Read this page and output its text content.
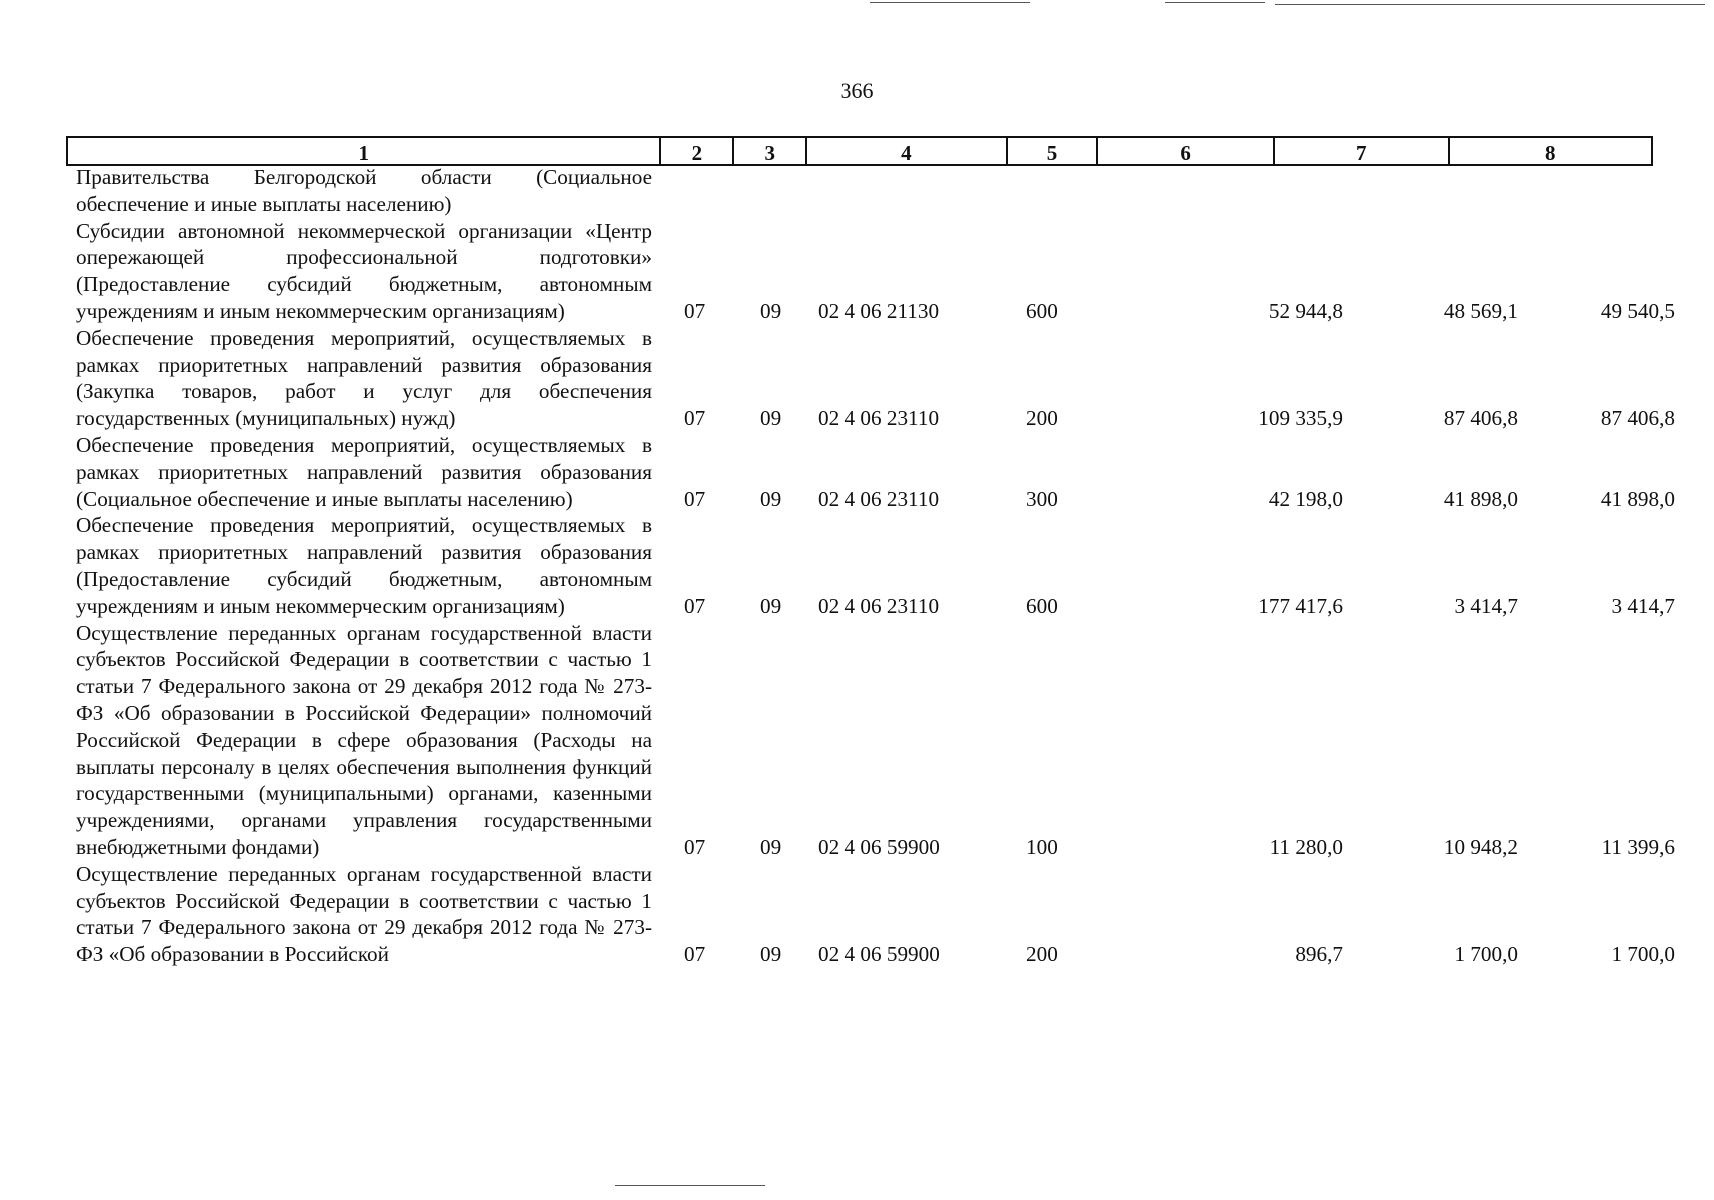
366
1	2	3	4	5	6	7	8
Правительства Белгородской области (Социальное обеспечение и иные выплаты населению)
Субсидии автономной некоммерческой организации «Центр опережающей профессиональной подготовки» (Предоставление субсидий бюджетным, автономным учреждениям и иным некоммерческим организациям)	07	09 02 4 06 21130	600	52 944,8	48 569,1	49 540,5
Обеспечение проведения мероприятий, осуществляемых в рамках приоритетных направлений развития образования (Закупка товаров, работ и услуг для обеспечения государственных (муниципальных) нужд)	07	09 02 4 06 23110	200	109 335,9	87 406,8	87 406,8
Обеспечение проведения мероприятий, осуществляемых в рамках приоритетных направлений развития образования (Социальное обеспечение и иные выплаты населению)	07	09 02 4 06 23110	300	42 198,0	41 898,0	41 898,0
Обеспечение проведения мероприятий, осуществляемых в рамках приоритетных направлений развития образования (Предоставление субсидий бюджетным, автономным учреждениям и иным некоммерческим организациям)	07	09 02 4 06 23110	600	177 417,6	3 414,7	3 414,7
Осуществление переданных органам государственной власти субъектов Российской Федерации в соответствии с частью 1 статьи 7 Федерального закона от 29 декабря 2012 года № 273-ФЗ «Об образовании в Российской Федерации» полномочий Российской Федерации в сфере образования (Расходы на выплаты персоналу в целях обеспечения выполнения функций государственными (муниципальными) органами, казенными учреждениями, органами управления государственными внебюджетными фондами)	07	09 02 4 06 59900	100	11 280,0	10 948,2	11 399,6
Осуществление переданных органам государственной власти субъектов Российской Федерации в соответствии с частью 1 статьи 7 Федерального закона от 29 декабря 2012 года № 273-ФЗ «Об образовании в Российской	07	09 02 4 06 59900	200	896,7	1 700,0	1 700,0
